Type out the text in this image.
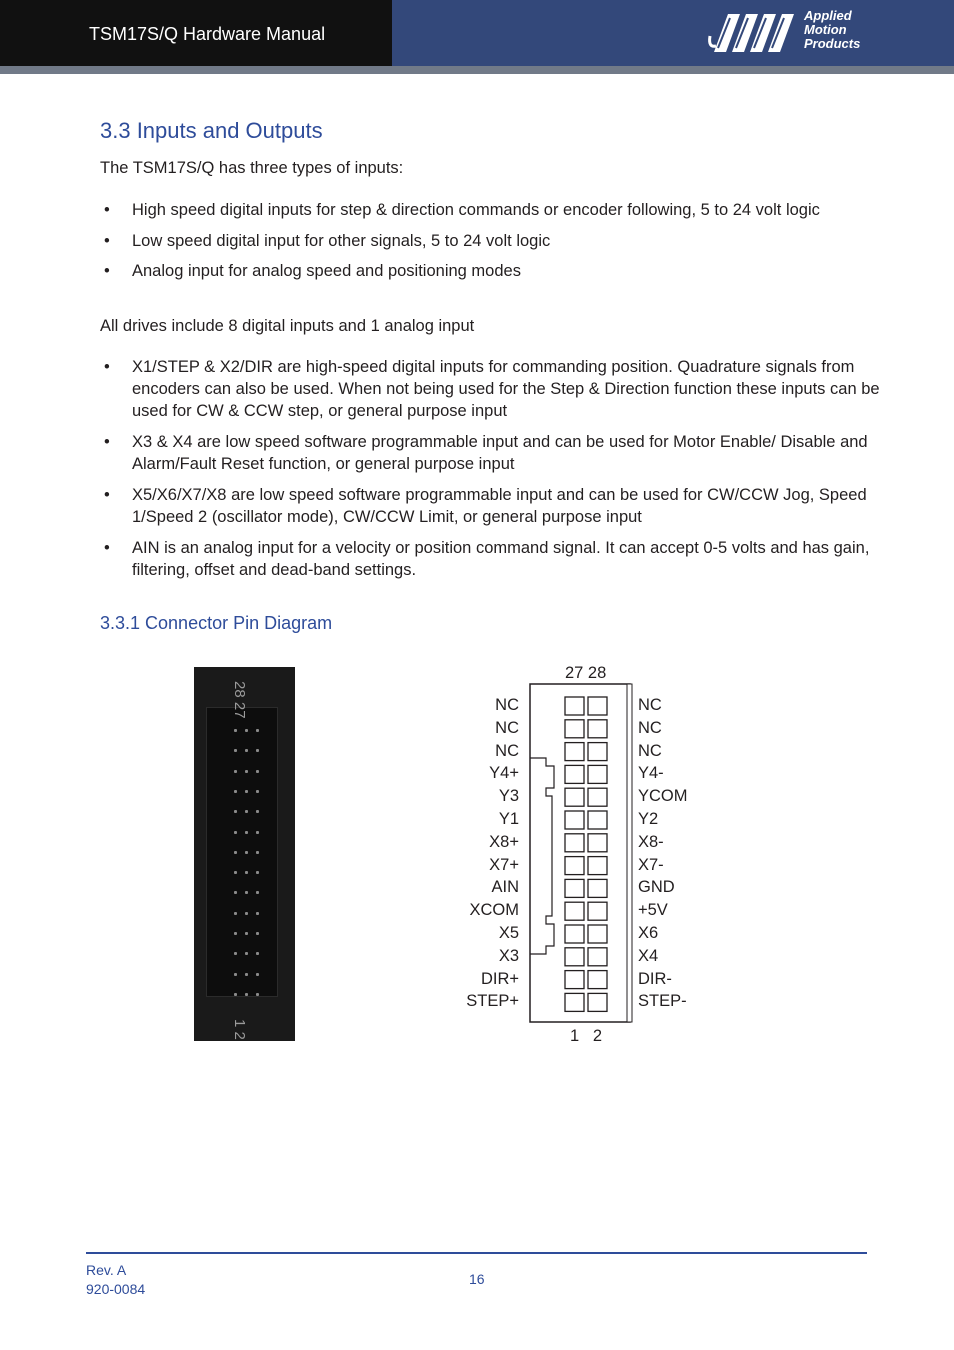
TSM17S/Q Hardware Manual
Applied
Motion
Products
3.3 Inputs and Outputs

The TSM17S/Q has three types of inputs:

• High speed digital inputs for step & direction commands or encoder following, 5 to 24 volt logic
• Low speed digital input for other signals, 5 to 24 volt logic
• Analog input for analog speed and positioning modes

All drives include 8 digital inputs and 1 analog input

• X1/STEP & X2/DIR are high-speed digital inputs for commanding position. Quadrature signals from encoders can also be used. When not being used for the Step & Direction function these inputs can be used for CW & CCW step, or general purpose input
• X3 & X4 are low speed software programmable input and can be used for Motor Enable/ Disable and Alarm/Fault Reset function, or general purpose input
• X5/X6/X7/X8 are low speed software programmable input and can be used for CW/CCW Jog, Speed 1/Speed 2 (oscillator mode), CW/CCW Limit, or general purpose input
• AIN is an analog input for a velocity or position command signal. It can accept 0-5 volts and has gain, filtering, offset and dead-band settings.
3.3.1 Connector Pin Diagram
28 27
1 2
27 28
1   2
NC
NC
NC
Y4+
Y3
Y1
X8+
X7+
AIN
XCOM
X5
X3
DIR+
STEP+
NC
NC
NC
Y4-
YCOM
Y2
X8-
X7-
GND
+5V
X6
X4
DIR-
STEP-
Rev. A
920-0084
16
